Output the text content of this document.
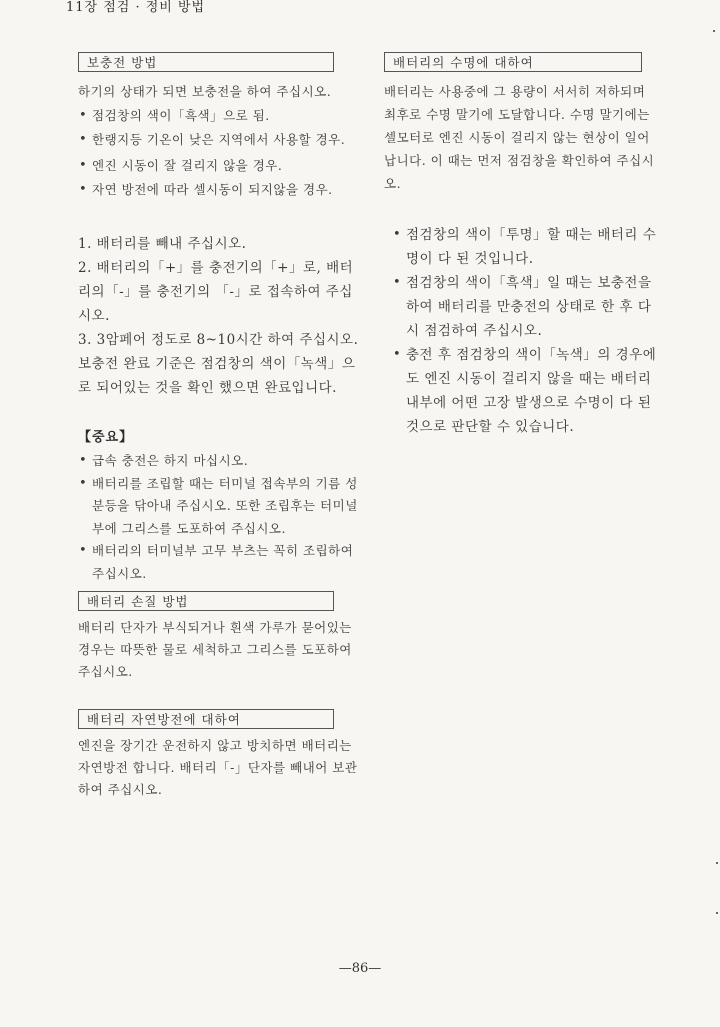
11장 점검 · 정비 방법
보충전 방법

하기의 상태가 되면 보충전을 하여 주십시오.

• 점검창의 색이「흑색」으로 됨.
• 한랭지등 기온이 낮은 지역에서 사용할 경우.
• 엔진 시동이 잘 걸리지 않을 경우.
• 자연 방전에 따라 셀시동이 되지않을 경우.
1. 배터리를 빼내 주십시오.
2. 배터리의「+」를 충전기의「+」로, 배터리의「-」를 충전기의 「-」로 접속하여 주십시오.
3. 3암페어 정도로 8~10시간 하여 주십시오. 보충전 완료 기준은 점검창의 색이「녹색」으로 되어있는 것을 확인 했으면 완료입니다.
【중요】
• 급속 충전은 하지 마십시오.
• 배터리를 조립할 때는 터미널 접속부의 기름 성분등을 닦아내 주십시오. 또한 조립후는 터미널부에 그리스를 도포하여 주십시오.
• 배터리의 터미널부 고무 부츠는 꼭히 조립하여 주십시오.
배터리 손질 방법

배터리 단자가 부식되거나 흰색 가루가 묻어있는 경우는 따뜻한 물로 세척하고 그리스를 도포하여 주십시오.

배터리 자연방전에 대하여

엔진을 장기간 운전하지 않고 방치하면 배터리는 자연방전 합니다. 배터리「-」단자를 빼내어 보관하여 주십시오.

배터리의 수명에 대하여

배터리는 사용중에 그 용량이 서서히 저하되며 최후로 수명 말기에 도달합니다. 수명 말기에는 셀모터로 엔진 시동이 걸리지 않는 현상이 일어납니다. 이 때는 먼저 점검창을 확인하여 주십시오.

• 점검창의 색이「투명」할 때는 배터리 수명이 다 된 것입니다.
• 점검창의 색이「흑색」일 때는 보충전을 하여 배터리를 만충전의 상태로 한 후 다시 점검하여 주십시오.
• 충전 후 점검창의 색이「녹색」의 경우에도 엔진 시동이 걸리지 않을 때는 배터리 내부에 어떤 고장 발생으로 수명이 다 된 것으로 판단할 수 있습니다.
—86—
